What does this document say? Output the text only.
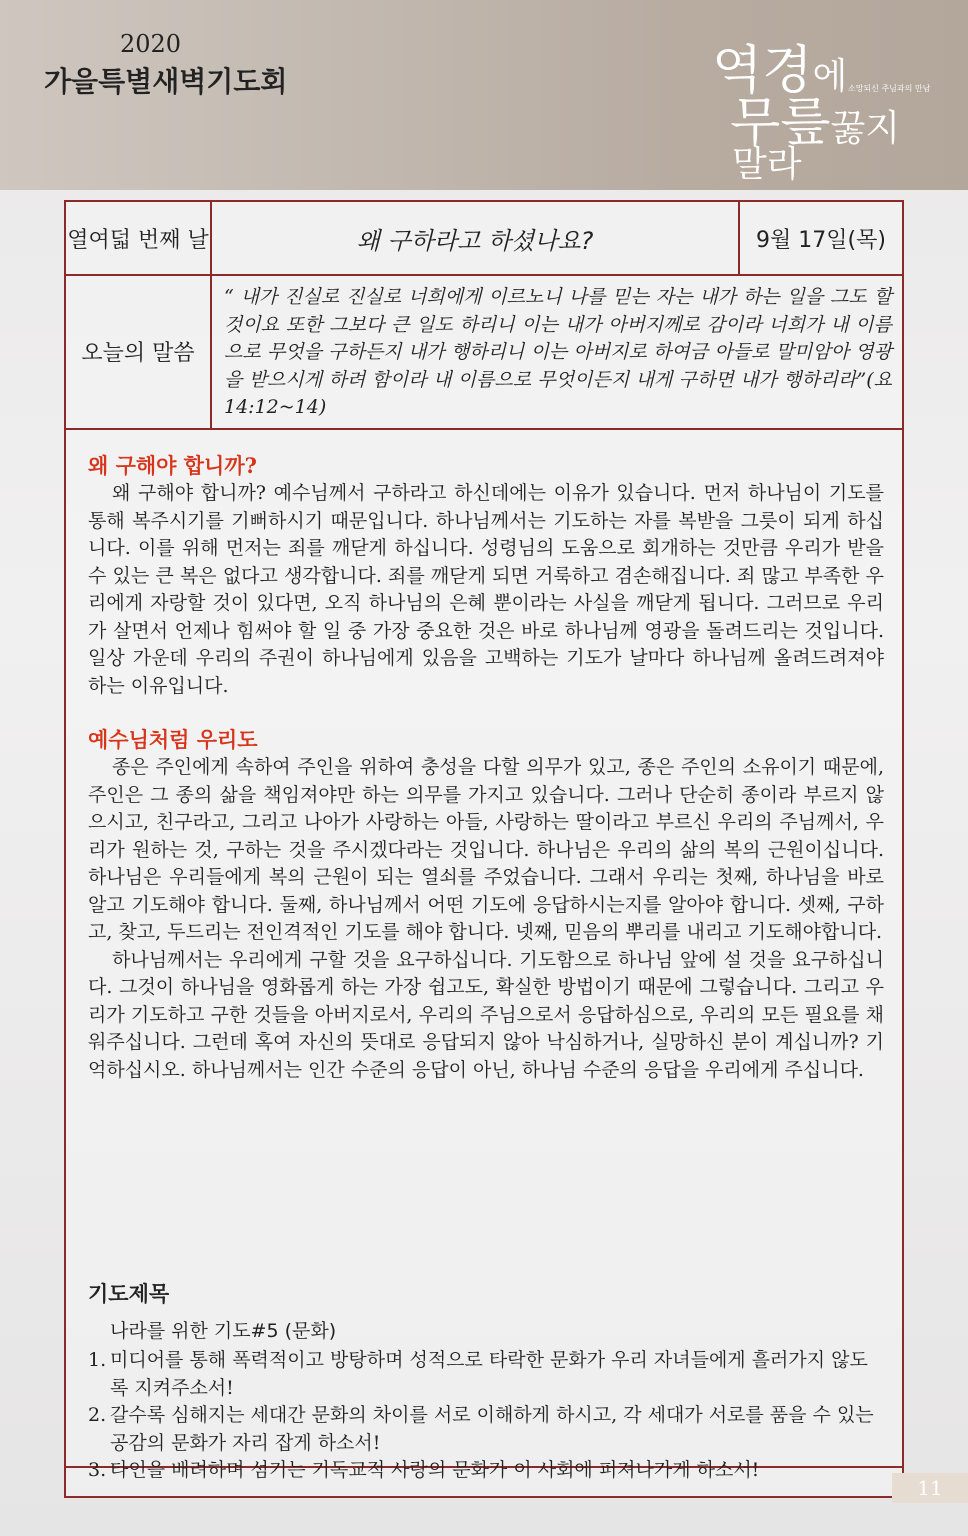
2020
가을특별새벽기도회	역경에
무릎꿇지
소망되신 주님과의 만남
말라
열여덟 번째 날	왜 구하라고 하셨나요?	9월 17일(목)
오늘의 말씀
“ 내가 진실로 진실로 너희에게 이르노니 나를 믿는 자는 내가 하는 일을 그도 할 것이요 또한 그보다 큰 일도 하리니 이는 내가 아버지께로 감이라 너희가 내 이름으로 무엇을 구하든지 내가 행하리니 이는 아버지로 하여금 아들로 말미암아 영광을 받으시게 하려 함이라 내 이름으로 무엇이든지 내게 구하면 내가 행하리라”(요 14:12~14)
왜 구해야 합니까?

왜 구해야 합니까? 예수님께서 구하라고 하신데에는 이유가 있습니다. 먼저 하나님이 기도를 통해 복주시기를 기뻐하시기 때문입니다. 하나님께서는 기도하는 자를 복받을 그릇이 되게 하십니다. 이를 위해 먼저는 죄를 깨닫게 하십니다. 성령님의 도움으로 회개하는 것만큼 우리가 받을 수 있는 큰 복은 없다고 생각합니다. 죄를 깨닫게 되면 거룩하고 겸손해집니다. 죄 많고 부족한 우리에게 자랑할 것이 있다면, 오직 하나님의 은혜 뿐이라는 사실을 깨닫게 됩니다. 그러므로 우리가 살면서 언제나 힘써야 할 일 중 가장 중요한 것은 바로 하나님께 영광을 돌려드리는 것입니다. 일상 가운데 우리의 주권이 하나님에게 있음을 고백하는 기도가 날마다 하나님께 올려드려져야 하는 이유입니다.

예수님처럼 우리도

종은 주인에게 속하여 주인을 위하여 충성을 다할 의무가 있고, 종은 주인의 소유이기 때문에, 주인은 그 종의 삶을 책임져야만 하는 의무를 가지고 있습니다. 그러나 단순히 종이라 부르지 않으시고, 친구라고, 그리고 나아가 사랑하는 아들, 사랑하는 딸이라고 부르신 우리의 주님께서, 우리가 원하는 것, 구하는 것을 주시겠다라는 것입니다. 하나님은 우리의 삶의 복의 근원이십니다. 하나님은 우리들에게 복의 근원이 되는 열쇠를 주었습니다. 그래서 우리는 첫째, 하나님을 바로 알고 기도해야 합니다. 둘째, 하나님께서 어떤 기도에 응답하시는지를 알아야 합니다. 셋째, 구하고, 찾고, 두드리는 전인격적인 기도를 해야 합니다. 넷째, 믿음의 뿌리를 내리고 기도해야합니다.

하나님께서는 우리에게 구할 것을 요구하십니다. 기도함으로 하나님 앞에 설 것을 요구하십니다. 그것이 하나님을 영화롭게 하는 가장 쉽고도, 확실한 방법이기 때문에 그렇습니다. 그리고 우리가 기도하고 구한 것들을 아버지로서, 우리의 주님으로서 응답하심으로, 우리의 모든 필요를 채워주십니다. 그런데 혹여 자신의 뜻대로 응답되지 않아 낙심하거나, 실망하신 분이 계십니까? 기억하십시오. 하나님께서는 인간 수준의 응답이 아닌, 하나님 수준의 응답을 우리에게 주십니다.

기도제목

나라를 위한 기도#5 (문화)

1. 미디어를 통해 폭력적이고 방탕하며 성적으로 타락한 문화가 우리 자녀들에게 흘러가지 않도록 지켜주소서!
2. 갈수록 심해지는 세대간 문화의 차이를 서로 이해하게 하시고, 각 세대가 서로를 품을 수 있는 공감의 문화가 자리 잡게 하소서!
3. 타인을 배려하며 섬기는 기독교적 사랑의 문화가 이 사회에 퍼져나가게 하소서!
11
